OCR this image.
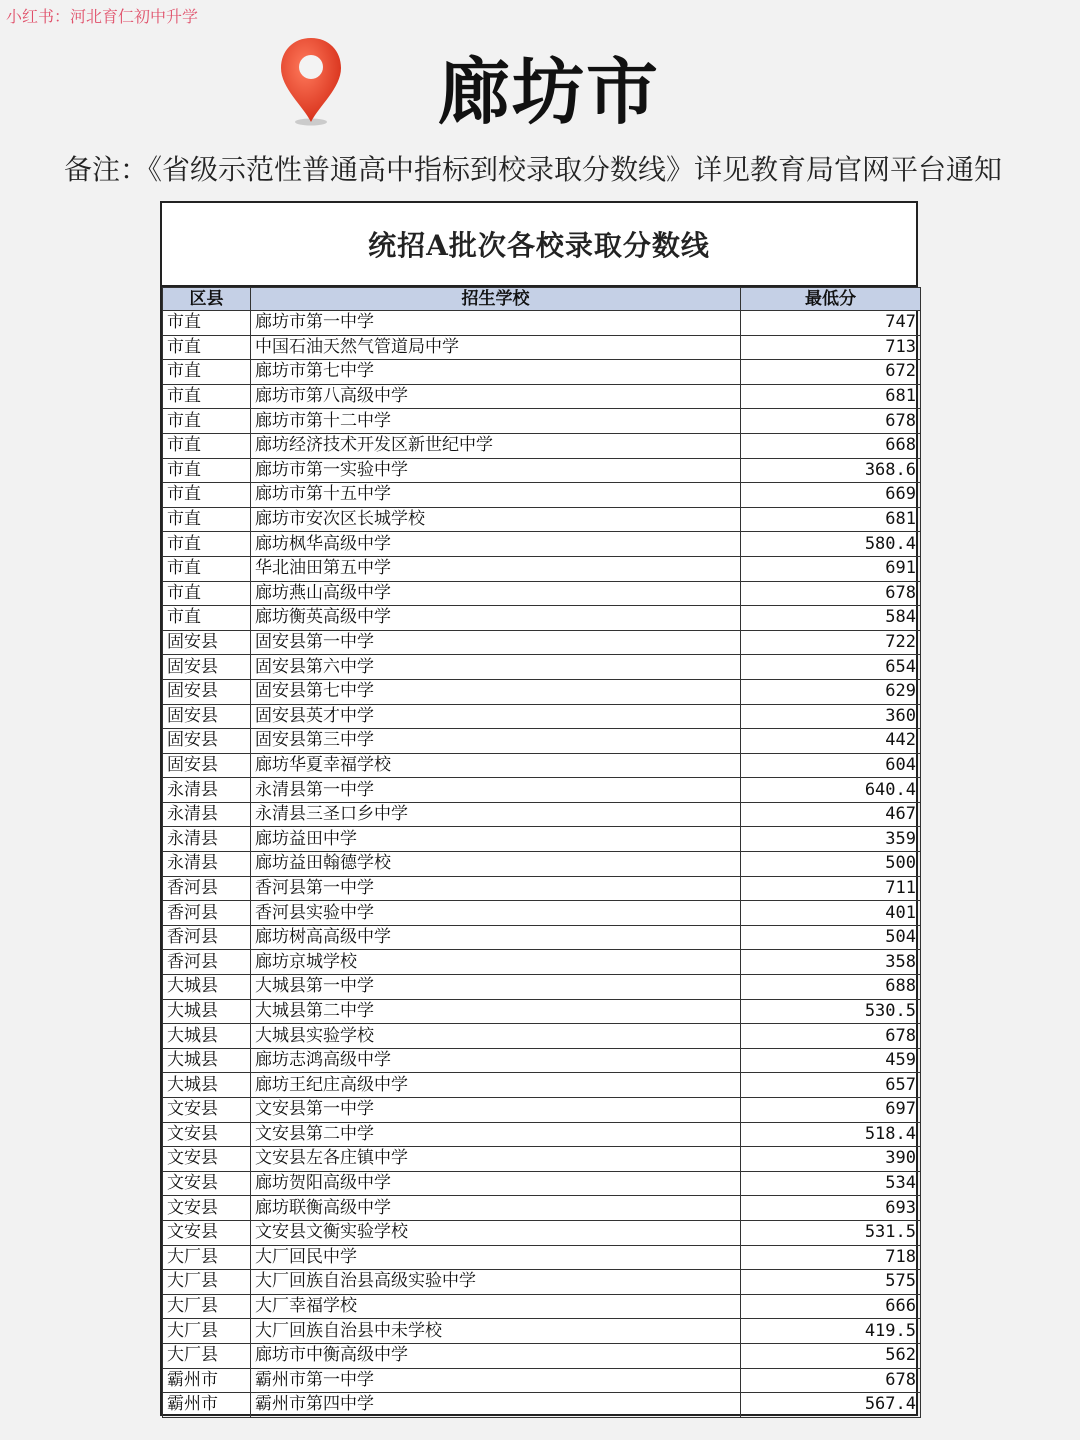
小红书：河北育仁初中升学
廊坊市
备注：《省级示范性普通高中指标到校录取分数线》详见教育局官网平台通知
统招A批次各校录取分数线
区县	招生学校	最低分
市直	廊坊市第一中学	747
市直	中国石油天然气管道局中学	713
市直	廊坊市第七中学	672
市直	廊坊市第八高级中学	681
市直	廊坊市第十二中学	678
市直	廊坊经济技术开发区新世纪中学	668
市直	廊坊市第一实验中学	368.6
市直	廊坊市第十五中学	669
市直	廊坊市安次区长城学校	681
市直	廊坊枫华高级中学	580.4
市直	华北油田第五中学	691
市直	廊坊燕山高级中学	678
市直	廊坊衡英高级中学	584
固安县	固安县第一中学	722
固安县	固安县第六中学	654
固安县	固安县第七中学	629
固安县	固安县英才中学	360
固安县	固安县第三中学	442
固安县	廊坊华夏幸福学校	604
永清县	永清县第一中学	640.4
永清县	永清县三圣口乡中学	467
永清县	廊坊益田中学	359
永清县	廊坊益田翰德学校	500
香河县	香河县第一中学	711
香河县	香河县实验中学	401
香河县	廊坊树高高级中学	504
香河县	廊坊京城学校	358
大城县	大城县第一中学	688
大城县	大城县第二中学	530.5
大城县	大城县实验学校	678
大城县	廊坊志鸿高级中学	459
大城县	廊坊王纪庄高级中学	657
文安县	文安县第一中学	697
文安县	文安县第二中学	518.4
文安县	文安县左各庄镇中学	390
文安县	廊坊贺阳高级中学	534
文安县	廊坊联衡高级中学	693
文安县	文安县文衡实验学校	531.5
大厂县	大厂回民中学	718
大厂县	大厂回族自治县高级实验中学	575
大厂县	大厂幸福学校	666
大厂县	大厂回族自治县中未学校	419.5
大厂县	廊坊市中衡高级中学	562
霸州市	霸州市第一中学	678
霸州市	霸州市第四中学	567.4
